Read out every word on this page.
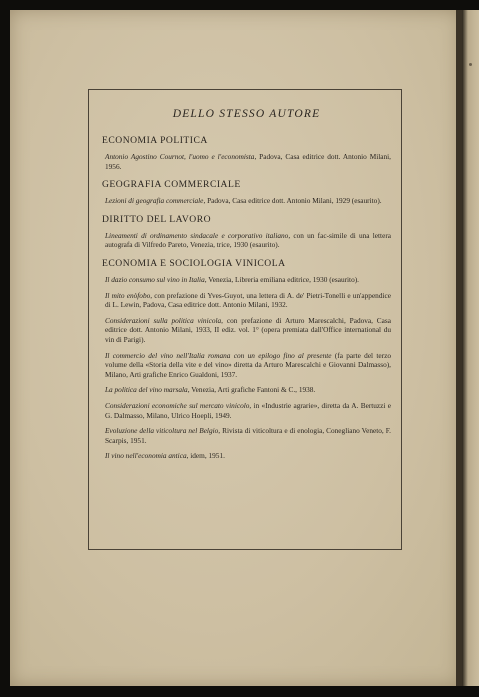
DELLO STESSO AUTORE
ECONOMIA POLITICA
Antonio Agostino Cournot, l'uomo e l'economista, Padova, Casa editrice dott. Antonio Milani, 1956.
GEOGRAFIA COMMERCIALE
Lezioni di geografia commerciale, Padova, Casa editrice dott. Antonio Milani, 1929 (esaurito).
DIRITTO DEL LAVORO
Lineamenti di ordinamento sindacale e corporativo italiano, con un fac-simile di una lettera autografa di Vilfredo Pareto, Venezia, trice, 1930 (esaurito).
ECONOMIA E SOCIOLOGIA VINICOLA
Il dazio consumo sul vino in Italia, Venezia, Libreria emiliana editrice, 1930 (esaurito).
Il mito enòfobo, con prefazione di Yves-Guyot, una lettera di A. de' Pietri-Tonelli e un'appendice di L. Lewin, Padova, Casa editrice dott. Antonio Milani, 1932.
Considerazioni sulla politica vinicola, con prefazione di Arturo Marescalchi, Padova, Casa editrice dott. Antonio Milani, 1933, II ediz. vol. 1° (opera premiata dall'Office international du vin di Parigi).
Il commercio del vino nell'Italia romana con un epilogo fino al presente (fa parte del terzo volume della «Storia della vite e del vino» diretta da Arturo Marescalchi e Giovanni Dalmasso), Milano, Arti grafiche Enrico Gualdoni, 1937.
La politica del vino marsala, Venezia, Arti grafiche Fantoni & C., 1938.
Considerazioni economiche sul mercato vinicolo, in «Industrie agrarie», diretta da A. Bertuzzi e G. Dalmasso, Milano, Ulrico Hoepli, 1949.
Evoluzione della viticoltura nel Belgio, Rivista di viticoltura e di enologia, Conegliano Veneto, F. Scarpis, 1951.
Il vino nell'economia antica, idem, 1951.
